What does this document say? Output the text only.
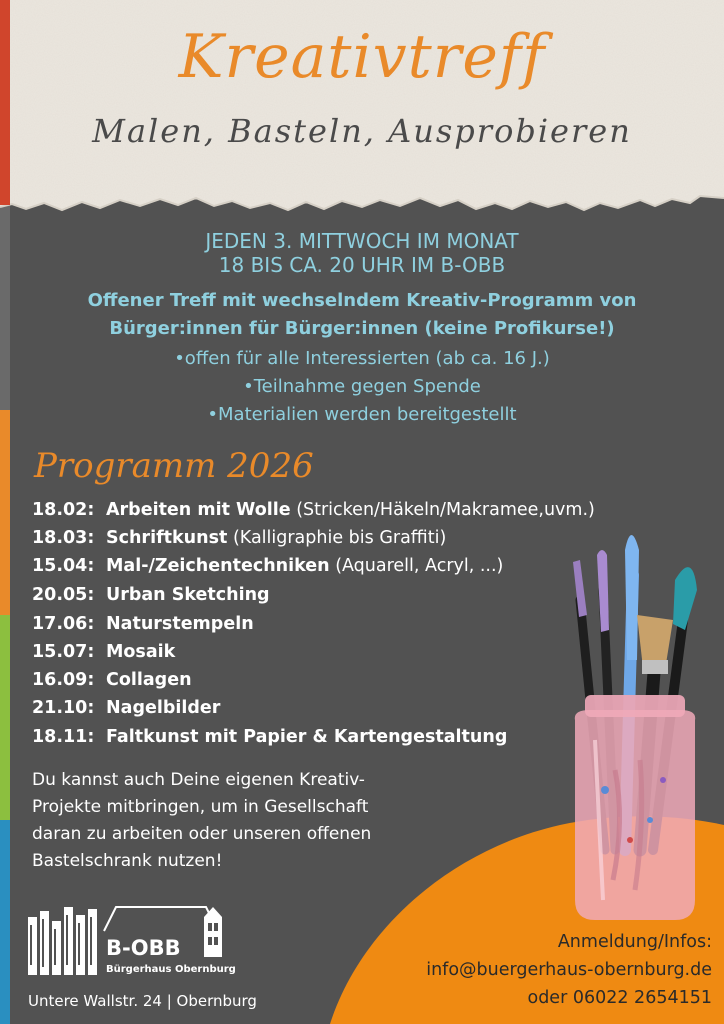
Kreativtreff
Malen, Basteln, Ausprobieren
JEDEN 3. MITTWOCH IM MONAT
18 BIS CA. 20 UHR IM B-OBB
Offener Treff mit wechselndem Kreativ-Programm von
Bürger:innen für Bürger:innen (keine Profikurse!)
•offen für alle Interessierten (ab ca. 16 J.)
•Teilnahme gegen Spende
•Materialien werden bereitgestellt
Programm 2026
18.02: Arbeiten mit Wolle (Stricken/Häkeln/Makramee,uvm.)
18.03: Schriftkunst (Kalligraphie bis Graffiti)
15.04: Mal-/Zeichentechniken (Aquarell, Acryl, ...)
20.05: Urban Sketching
17.06: Naturstempeln
15.07: Mosaik
16.09: Collagen
21.10: Nagelbilder
18.11: Faltkunst mit Papier & Kartengestaltung
Du kannst auch Deine eigenen Kreativ-
Projekte mitbringen, um in Gesellschaft
daran zu arbeiten oder unseren offenen
Bastelschrank nutzen!
B-OBB
Bürgerhaus Obernburg
Untere Wallstr. 24 | Obernburg
Anmeldung/Infos:
info@buergerhaus-obernburg.de
oder 06022 2654151
